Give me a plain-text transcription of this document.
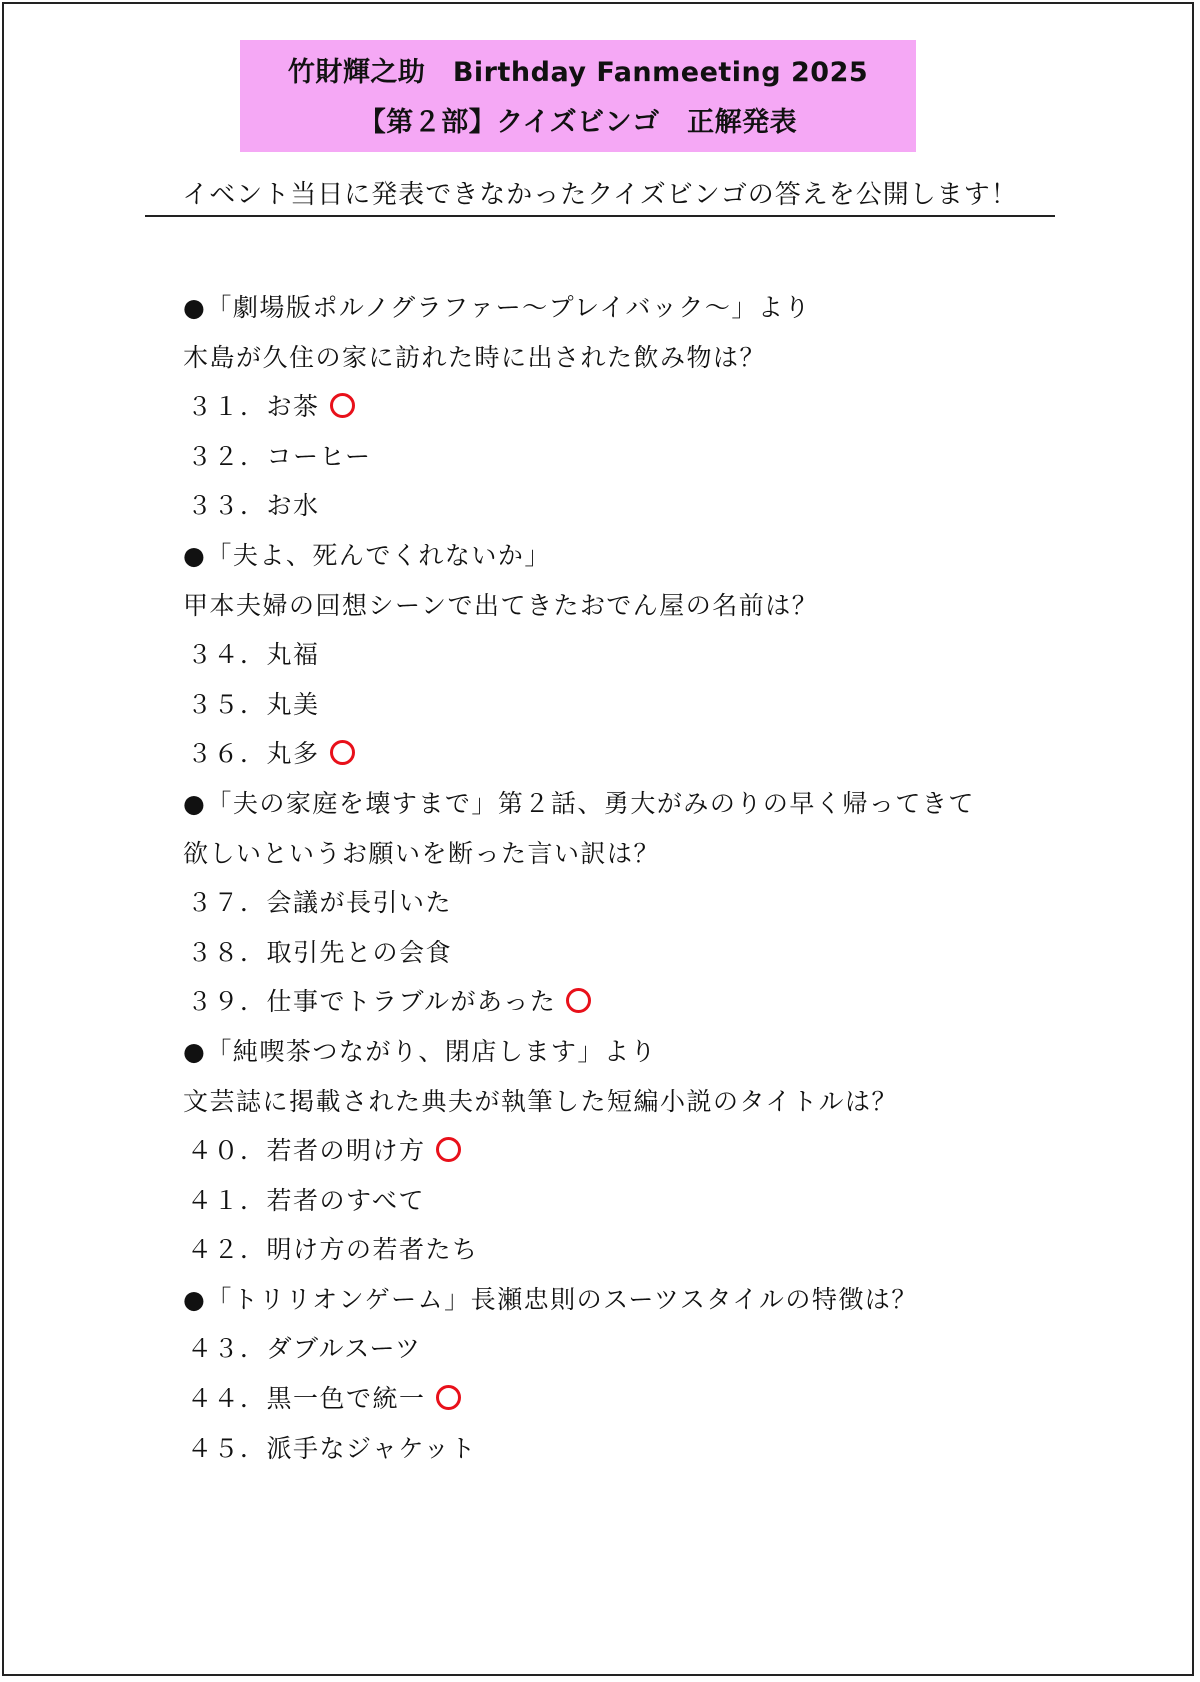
竹財輝之助　Birthday Fanmeeting 2025
【第２部】クイズビンゴ　正解発表
イベント当日に発表できなかったクイズビンゴの答えを公開します！
●「劇場版ポルノグラファー～プレイバック～」より
木島が久住の家に訪れた時に出された飲み物は？
３１．お茶
３２．コーヒー
３３．お水
●「夫よ、死んでくれないか」
甲本夫婦の回想シーンで出てきたおでん屋の名前は？
３４．丸福
３５．丸美
３６．丸多
●「夫の家庭を壊すまで」第２話、勇大がみのりの早く帰ってきて
欲しいというお願いを断った言い訳は？
３７．会議が長引いた
３８．取引先との会食
３９．仕事でトラブルがあった
●「純喫茶つながり、閉店します」より
文芸誌に掲載された典夫が執筆した短編小説のタイトルは？
４０．若者の明け方
４１．若者のすべて
４２．明け方の若者たち
●「トリリオンゲーム」長瀬忠則のスーツスタイルの特徴は？
４３．ダブルスーツ
４４．黒一色で統一
４５．派手なジャケット
